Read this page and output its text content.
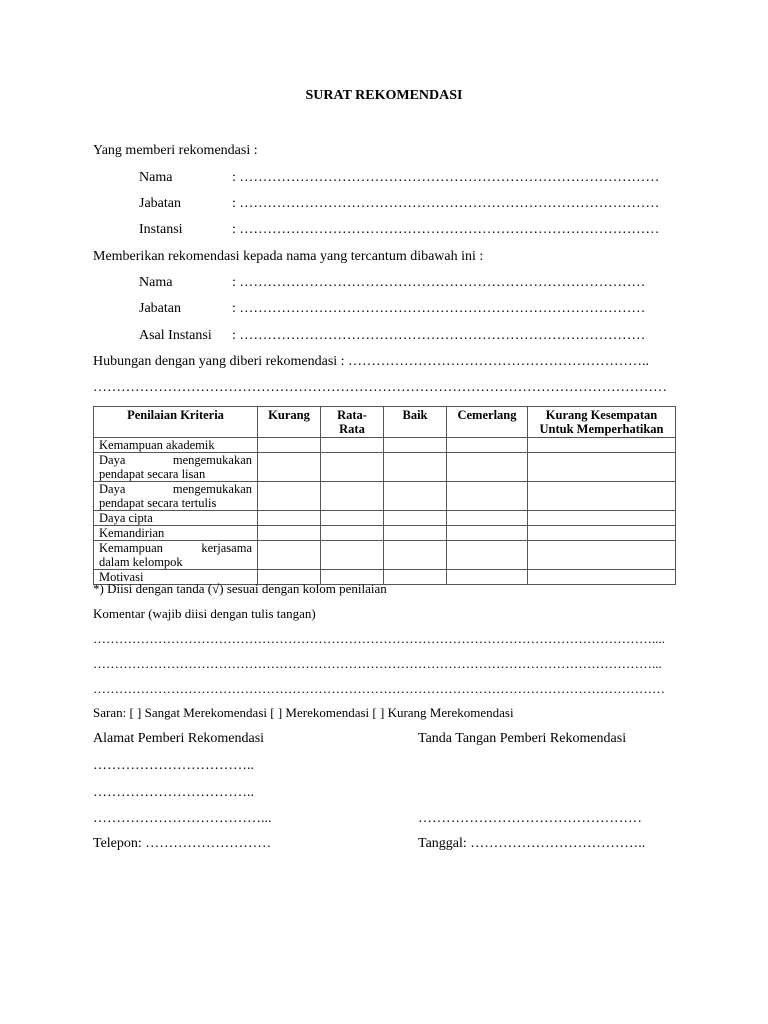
SURAT REKOMENDASI
Yang memberi rekomendasi :
Nama	: ………………………………………………………………………………
Jabatan	: ………………………………………………………………………………
Instansi	: ………………………………………………………………………………
Memberikan rekomendasi kepada nama yang tercantum dibawah ini :
Nama	: ……………………………………………………………………………
Jabatan	: ……………………………………………………………………………
Asal Instansi : ……………………………………………………………………………
Hubungan dengan yang diberi rekomendasi : ………………………………………………………..
……………………………………………………………………………………………………………
Penilaian Kriteria	Kurang	Rata-Rata	Baik	Cemerlang	Kurang Kesempatan Untuk Memperhatikan
Kemampuan akademik					

Daya mengemukakan
pendapat secara lisan					

Daya mengemukakan
pendapat secara tertulis					
Daya cipta					
Kemandirian					

Kemampuan kerjasama
dalam kelompok					
Motivasi					
*) Diisi dengan tanda (√) sesuai dengan kolom penilaian
Komentar (wajib diisi dengan tulis tangan)
…………………………………………………………………………………………………………………....
…………………………………………………………………………………………………………………...
……………………………………………………………………………………………………………………
Saran: [ ] Sangat Merekomendasi [ ] Merekomendasi [ ] Kurang Merekomendasi
Alamat Pemberi Rekomendasi	Tanda Tangan Pemberi Rekomendasi
……………………………..
……………………………..
………………………………...	…………………………………………
Telepon: ………………………	Tanggal: ………………………………..
